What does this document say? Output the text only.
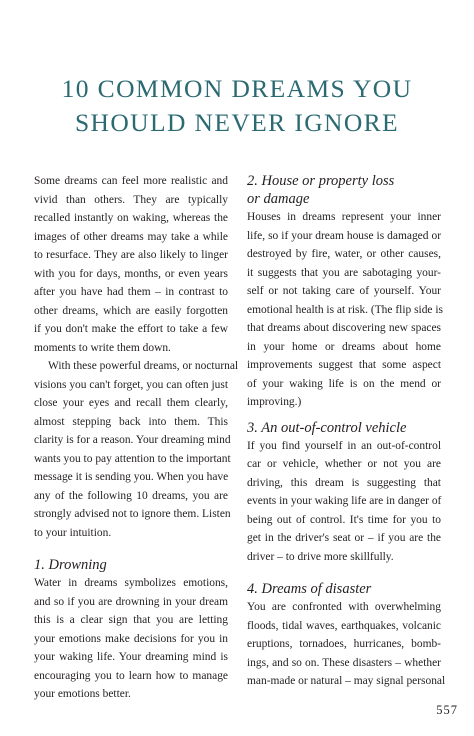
10 COMMON DREAMS YOU
SHOULD NEVER IGNORE
Some dreams can feel more realistic and
vivid than others. They are typically
recalled instantly on waking, whereas the
images of other dreams may take a while
to resurface. They are also likely to linger
with you for days, months, or even years
after you have had them – in contrast to
other dreams, which are easily forgotten
if you don't make the effort to take a few
moments to write them down.
With these powerful dreams, or nocturnal
visions you can't forget, you can often just
close your eyes and recall them clearly,
almost stepping back into them. This
clarity is for a reason. Your dreaming mind
wants you to pay attention to the important
message it is sending you. When you have
any of the following 10 dreams, you are
strongly advised not to ignore them. Listen
to your intuition.
1. Drowning
Water in dreams symbolizes emotions,
and so if you are drowning in your dream
this is a clear sign that you are letting
your emotions make decisions for you in
your waking life. Your dreaming mind is
encouraging you to learn how to manage
your emotions better.
2. House or property loss
or damage
Houses in dreams represent your inner
life, so if your dream house is damaged or
destroyed by fire, water, or other causes,
it suggests that you are sabotaging your-
self or not taking care of yourself. Your
emotional health is at risk. (The flip side is
that dreams about discovering new spaces
in your home or dreams about home
improvements suggest that some aspect
of your waking life is on the mend or
improving.)
3. An out-of-control vehicle
If you find yourself in an out-of-control
car or vehicle, whether or not you are
driving, this dream is suggesting that
events in your waking life are in danger of
being out of control. It's time for you to
get in the driver's seat or – if you are the
driver – to drive more skillfully.
4. Dreams of disaster
You are confronted with overwhelming
floods, tidal waves, earthquakes, volcanic
eruptions, tornadoes, hurricanes, bomb-
ings, and so on. These disasters – whether
man-made or natural – may signal personal
557
